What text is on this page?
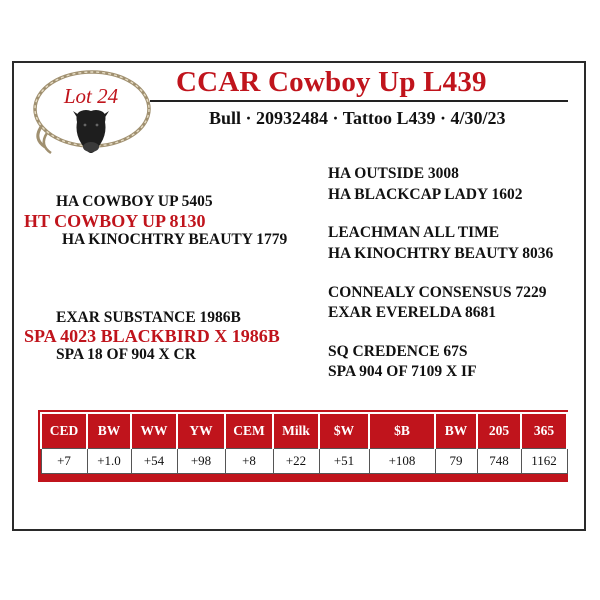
Lot 24	CCAR Cowboy Up L439
Bull · 20932484 · Tattoo L439 · 4/30/23
HA COWBOY UP 5405
HT COWBOY UP 8130
HA KINOCHTRY BEAUTY 1779
EXAR SUBSTANCE 1986B
SPA 4023 BLACKBIRD X 1986B
SPA 18 OF 904 X CR
HA OUTSIDE 3008
HA BLACKCAP LADY 1602
LEACHMAN ALL TIME
HA KINOCHTRY BEAUTY 8036
CONNEALY CONSENSUS 7229
EXAR EVERELDA 8681
SQ CREDENCE 67S
SPA 904 OF 7109 X IF
CED	BW	WW	YW	CEM	Milk	$W	$B	BW	205	365
+7	+1.0	+54	+98	+8	+22	+51	+108	79	748	1162
